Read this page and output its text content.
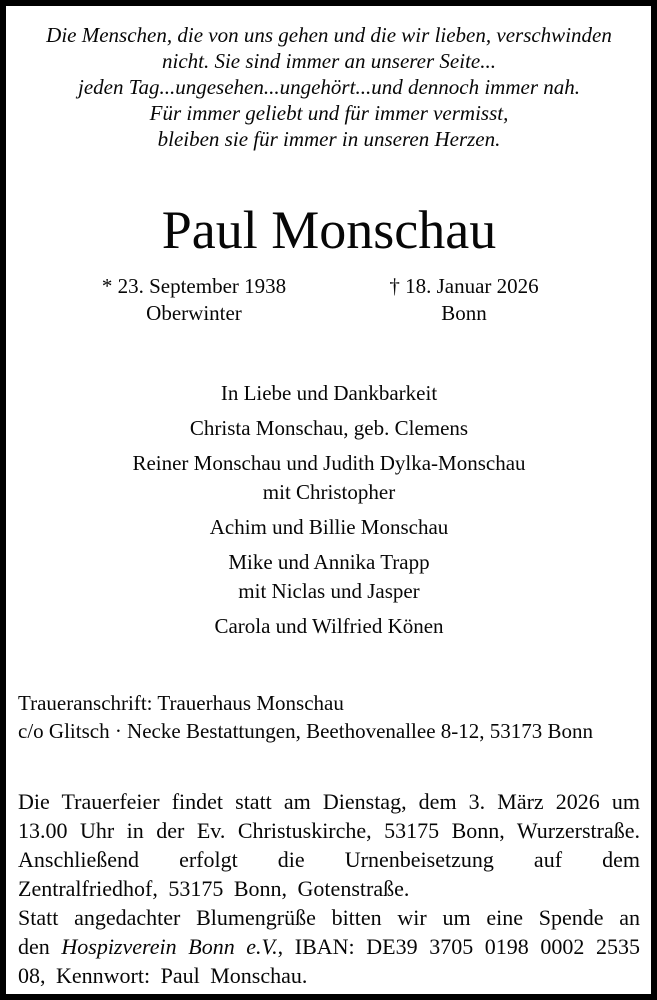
Die Menschen, die von uns gehen und die wir lieben, verschwinden
nicht. Sie sind immer an unserer Seite...
jeden Tag...ungesehen...ungehört...und dennoch immer nah.
Für immer geliebt und für immer vermisst,
bleiben sie für immer in unseren Herzen.
Paul Monschau
* 23. September 1938
Oberwinter
† 18. Januar 2026
Bonn
In Liebe und Dankbarkeit
Christa Monschau, geb. Clemens
Reiner Monschau und Judith Dylka-Monschau
mit Christopher
Achim und Billie Monschau
Mike und Annika Trapp
mit Niclas und Jasper
Carola und Wilfried Könen
Traueranschrift: Trauerhaus Monschau
c/o Glitsch · Necke Bestattungen, Beethovenallee 8-12, 53173 Bonn

Die Trauerfeier findet statt am Dienstag, dem 3. März 2026 um 13.00 Uhr in der Ev. Christuskirche, 53175 Bonn, Wurzerstraße. Anschließend erfolgt die Urnenbeisetzung auf dem Zentralfriedhof, 53175 Bonn, Gotenstraße.

Statt angedachter Blumengrüße bitten wir um eine Spende an den Hospizverein Bonn e.V., IBAN: DE39 3705 0198 0002 2535 08, Kennwort: Paul Monschau.
